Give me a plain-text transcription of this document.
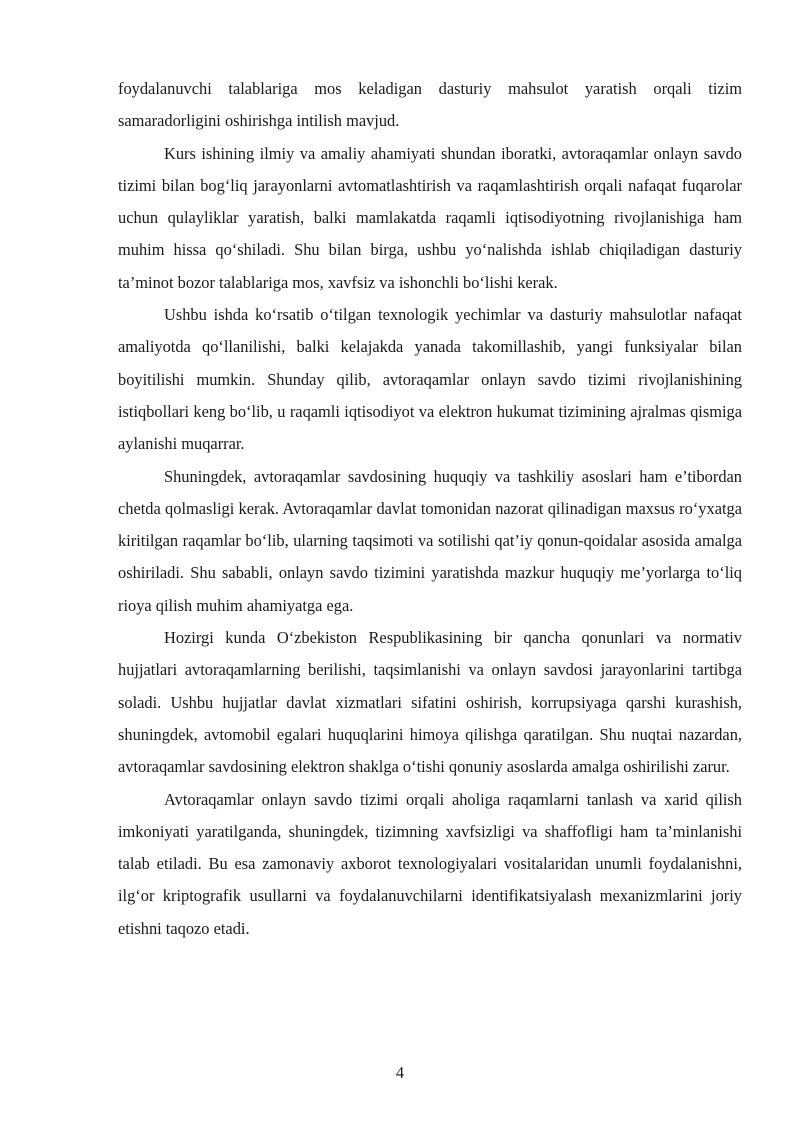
foydalanuvchi talablariga mos keladigan dasturiy mahsulot yaratish orqali tizim samaradorligini oshirishga intilish mavjud.

Kurs ishining ilmiy va amaliy ahamiyati shundan iboratki, avtoraqamlar onlayn savdo tizimi bilan bog‘liq jarayonlarni avtomatlashtirish va raqamlashtirish orqali nafaqat fuqarolar uchun qulayliklar yaratish, balki mamlakatda raqamli iqtisodiyotning rivojlanishiga ham muhim hissa qo‘shiladi. Shu bilan birga, ushbu yo‘nalishda ishlab chiqiladigan dasturiy ta’minot bozor talablariga mos, xavfsiz va ishonchli bo‘lishi kerak.

Ushbu ishda ko‘rsatib o‘tilgan texnologik yechimlar va dasturiy mahsulotlar nafaqat amaliyotda qo‘llanilishi, balki kelajakda yanada takomillashib, yangi funksiyalar bilan boyitilishi mumkin. Shunday qilib, avtoraqamlar onlayn savdo tizimi rivojlanishining istiqbollari keng bo‘lib, u raqamli iqtisodiyot va elektron hukumat tizimining ajralmas qismiga aylanishi muqarrar.

Shuningdek, avtoraqamlar savdosining huquqiy va tashkiliy asoslari ham e’tibordan chetda qolmasligi kerak. Avtoraqamlar davlat tomonidan nazorat qilinadigan maxsus ro‘yxatga kiritilgan raqamlar bo‘lib, ularning taqsimoti va sotilishi qat’iy qonun-qoidalar asosida amalga oshiriladi. Shu sababli, onlayn savdo tizimini yaratishda mazkur huquqiy me’yorlarga to‘liq rioya qilish muhim ahamiyatga ega.

Hozirgi kunda O‘zbekiston Respublikasining bir qancha qonunlari va normativ hujjatlari avtoraqamlarning berilishi, taqsimlanishi va onlayn savdosi jarayonlarini tartibga soladi. Ushbu hujjatlar davlat xizmatlari sifatini oshirish, korrupsiyaga qarshi kurashish, shuningdek, avtomobil egalari huquqlarini himoya qilishga qaratilgan. Shu nuqtai nazardan, avtoraqamlar savdosining elektron shaklga o‘tishi qonuniy asoslarda amalga oshirilishi zarur.

Avtoraqamlar onlayn savdo tizimi orqali aholiga raqamlarni tanlash va xarid qilish imkoniyati yaratilganda, shuningdek, tizimning xavfsizligi va shaffofligi ham ta’minlanishi talab etiladi. Bu esa zamonaviy axborot texnologiyalari vositalaridan unumli foydalanishni, ilg‘or kriptografik usullarni va foydalanuvchilarni identifikatsiyalash mexanizmlarini joriy etishni taqozo etadi.

4
